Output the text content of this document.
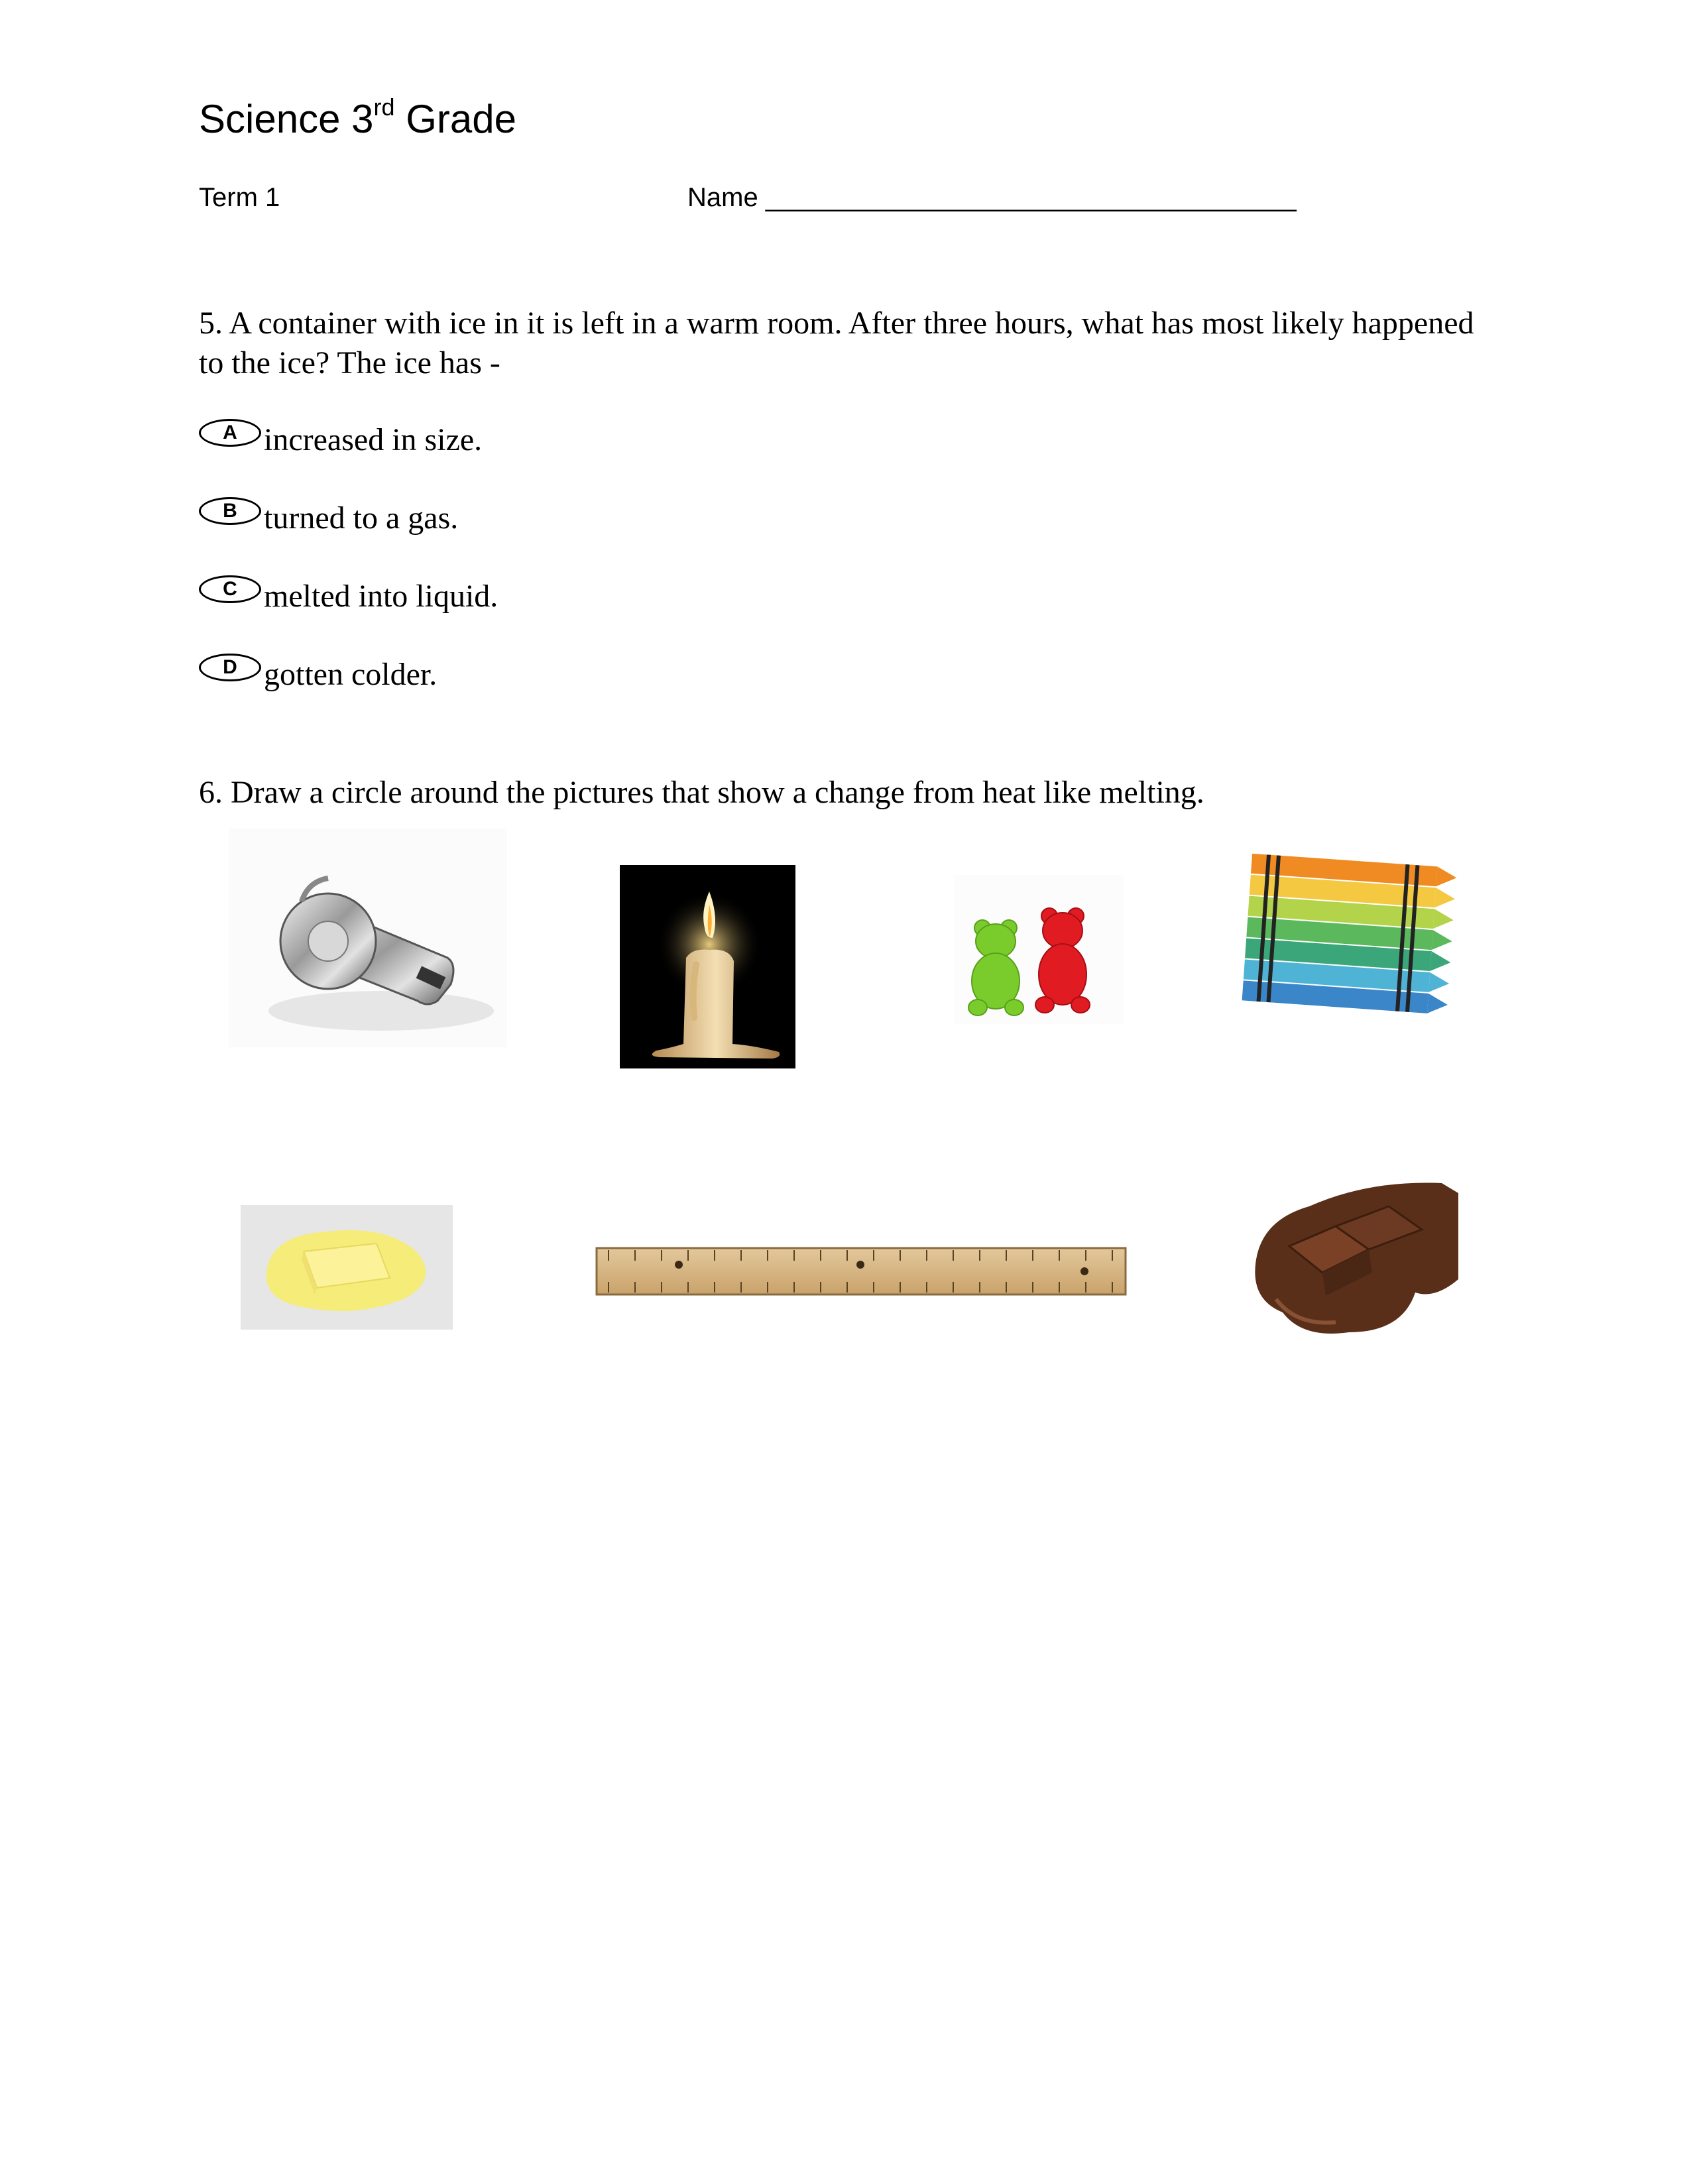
Science 3rd Grade
Term 1	Name ____________________________________
5. A container with ice in it is left in a warm room. After three hours, what has most likely happened to the ice? The ice has -
A increased in size.
B turned to a gas.
C melted into liquid.
D gotten colder.
6. Draw a circle around the pictures that show a change from heat like melting.
